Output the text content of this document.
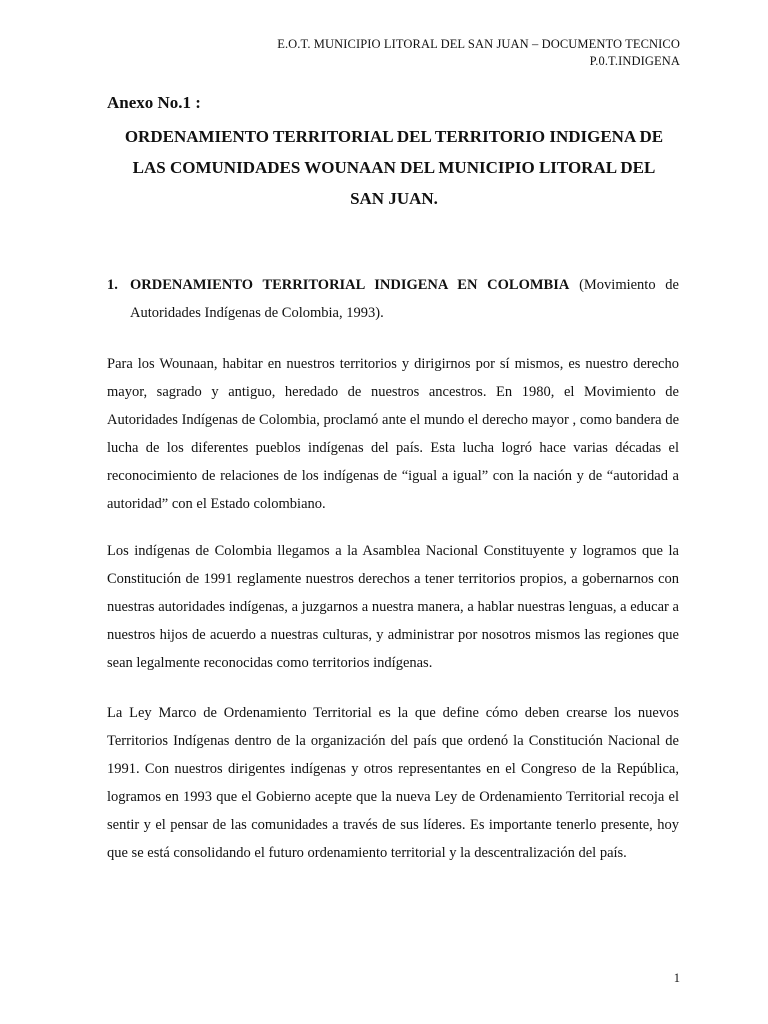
E.O.T. MUNICIPIO LITORAL DEL SAN JUAN – DOCUMENTO TECNICO
P.0.T.INDIGENA
Anexo No.1 :
ORDENAMIENTO TERRITORIAL DEL TERRITORIO INDIGENA DE
LAS COMUNIDADES WOUNAAN DEL MUNICIPIO LITORAL DEL
SAN JUAN.
1. ORDENAMIENTO TERRITORIAL INDIGENA EN COLOMBIA (Movimiento de Autoridades Indígenas de Colombia, 1993).

Para los Wounaan, habitar en nuestros territorios y dirigirnos por sí mismos, es nuestro derecho mayor, sagrado y antiguo, heredado de nuestros ancestros. En 1980, el Movimiento de Autoridades Indígenas de Colombia, proclamó ante el mundo el derecho mayor , como bandera de lucha de los diferentes pueblos indígenas del país. Esta lucha logró hace varias décadas el reconocimiento de relaciones de los indígenas de “igual a igual” con la nación y de “autoridad a autoridad” con el Estado colombiano.

Los indígenas de Colombia llegamos a la Asamblea Nacional Constituyente y logramos que la Constitución de 1991 reglamente nuestros derechos a tener territorios propios, a gobernarnos con nuestras autoridades indígenas, a juzgarnos a nuestra manera, a hablar nuestras lenguas, a educar a nuestros hijos de acuerdo a nuestras culturas, y administrar por nosotros mismos las regiones que sean legalmente reconocidas como territorios indígenas.

La Ley Marco de Ordenamiento Territorial es la que define cómo deben crearse los nuevos Territorios Indígenas dentro de la organización del país que ordenó la Constitución Nacional de 1991. Con nuestros dirigentes indígenas y otros representantes en el Congreso de la República, logramos en 1993 que el Gobierno acepte que la nueva Ley de Ordenamiento Territorial recoja el sentir y el pensar de las comunidades a través de sus líderes. Es importante tenerlo presente, hoy que se está consolidando el futuro ordenamiento territorial y la descentralización del país.

1
